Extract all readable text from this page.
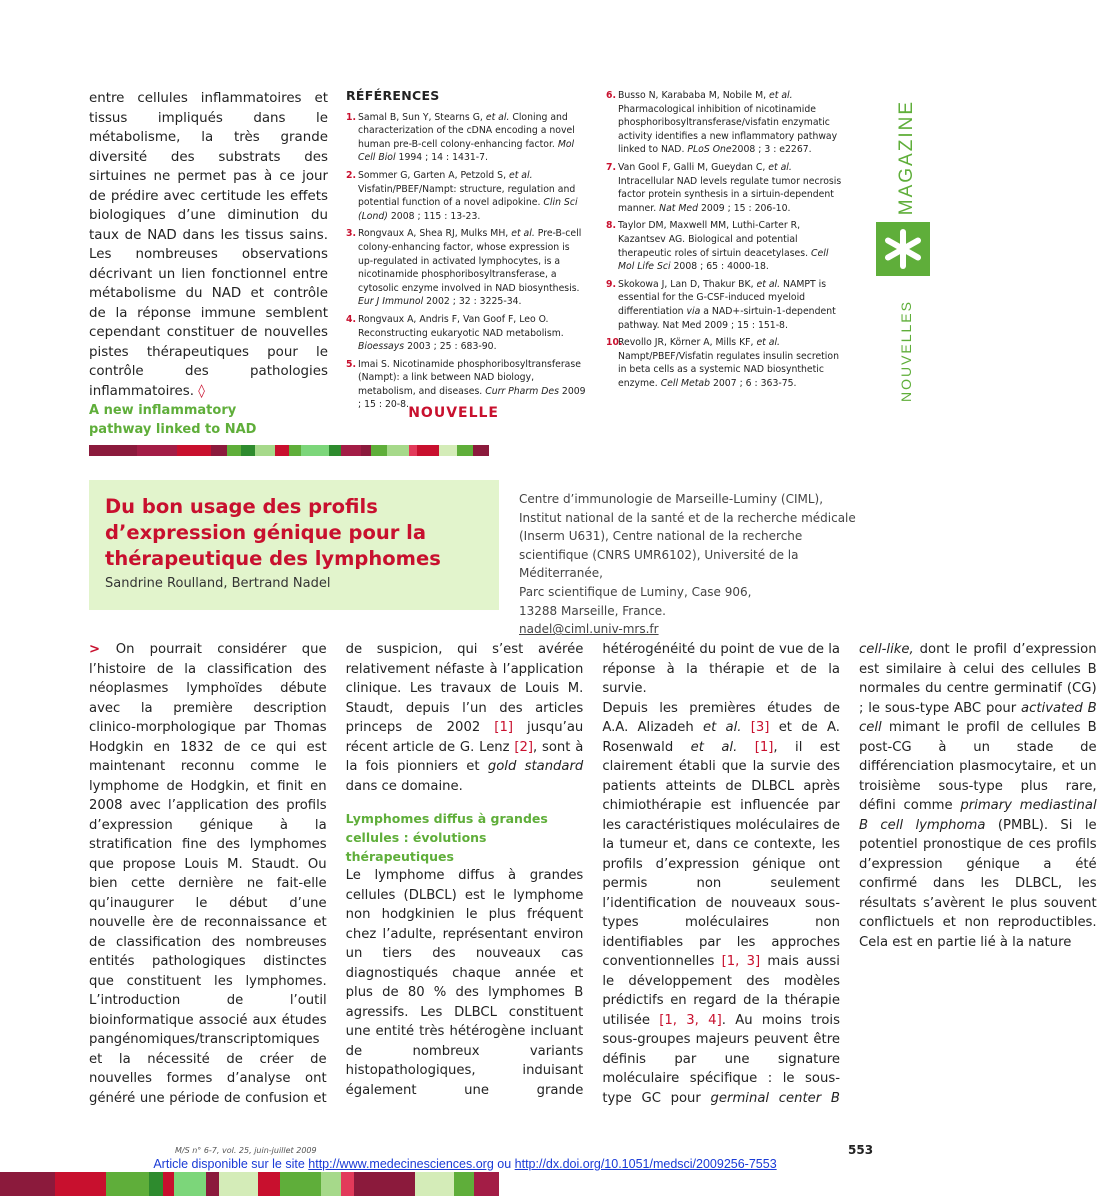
entre cellules inflammatoires et tissus impliqués dans le métabolisme, la très grande diversité des substrats des sirtuines ne permet pas à ce jour de prédire avec certitude les effets biologiques d’une diminution du taux de NAD dans les tissus sains. Les nombreuses observations décrivant un lien fonctionnel entre métabolisme du NAD et contrôle de la réponse immune semblent cependant constituer de nouvelles pistes thérapeutiques pour le contrôle des pathologies inflammatoires. ◊

A new inflammatory
pathway linked to NAD
RÉFÉRENCES
1. Samal B, Sun Y, Stearns G, et al. Cloning and characterization of the cDNA encoding a novel human pre-B-cell colony-enhancing factor. Mol Cell Biol 1994 ; 14 : 1431-7.
2. Sommer G, Garten A, Petzold S, et al. Visfatin/PBEF/Nampt: structure, regulation and potential function of a novel adipokine. Clin Sci (Lond) 2008 ; 115 : 13-23.
3. Rongvaux A, Shea RJ, Mulks MH, et al. Pre-B-cell colony-enhancing factor, whose expression is up-regulated in activated lymphocytes, is a nicotinamide phosphoribosyltransferase, a cytosolic enzyme involved in NAD biosynthesis. Eur J Immunol 2002 ; 32 : 3225-34.
4. Rongvaux A, Andris F, Van Goof F, Leo O. Reconstructing eukaryotic NAD metabolism. Bioessays 2003 ; 25 : 683-90.
5. Imai S. Nicotinamide phosphoribosyltransferase (Nampt): a link between NAD biology, metabolism, and diseases. Curr Pharm Des 2009 ; 15 : 20-8.
6. Busso N, Karababa M, Nobile M, et al. Pharmacological inhibition of nicotinamide phosphoribosyltransferase/visfatin enzymatic activity identifies a new inflammatory pathway linked to NAD. PLoS One2008 ; 3 : e2267.
7. Van Gool F, Galli M, Gueydan C, et al. Intracellular NAD levels regulate tumor necrosis factor protein synthesis in a sirtuin-dependent manner. Nat Med 2009 ; 15 : 206-10.
8. Taylor DM, Maxwell MM, Luthi-Carter R, Kazantsev AG. Biological and potential therapeutic roles of sirtuin deacetylases. Cell Mol Life Sci 2008 ; 65 : 4000-18.
9. Skokowa J, Lan D, Thakur BK, et al. NAMPT is essential for the G-CSF-induced myeloid differentiation via a NAD+-sirtuin-1-dependent pathway. Nat Med 2009 ; 15 : 151-8.
10.
Revollo JR, Körner A, Mills KF, et al. Nampt/PBEF/Visfatin regulates insulin secretion in beta cells as a systemic NAD biosynthetic enzyme. Cell Metab 2007 ; 6 : 363-75.
MAGAZINE
NOUVELLES
NOUVELLE
Du bon usage des profils d’expression génique pour la thérapeutique des lymphomes
Sandrine Roulland, Bertrand Nadel
Centre d’immunologie de Marseille-Luminy (CIML),
Institut national de la santé et de la recherche médicale
(Inserm U631), Centre national de la recherche
scientifique (CNRS UMR6102), Université de la Méditerranée,
Parc scientifique de Luminy, Case 906,
13288 Marseille, France.
nadel@ciml.univ-mrs.fr
M/S n° 6-7, vol. 25, juin-juillet 2009	553
Article disponible sur le site http://www.medecinesciences.org ou http://dx.doi.org/10.1051/medsci/2009256-7553

> On pourrait considérer que l’histoire de la classification des néoplasmes lymphoïdes débute avec la première description clinico-morphologique par Thomas Hodgkin en 1832 de ce qui est maintenant reconnu comme le lymphome de Hodgkin, et finit en 2008 avec l’application des profils d’expression génique à la stratification fine des lymphomes que propose Louis M. Staudt. Ou bien cette dernière ne fait-elle qu’inaugurer le début d’une nouvelle ère de reconnaissance et de classification des nombreuses entités pathologiques distinctes que constituent les lymphomes. L’introduction de l’outil bioinformatique associé aux études pangénomiques/transcriptomiques et la nécessité de créer de nouvelles formes d’analyse ont généré une période de confusion et de suspicion, qui s’est avérée relativement néfaste à l’application clinique. Les travaux de Louis M. Staudt, depuis l’un des articles princeps de 2002 [1] jusqu’au récent article de G. Lenz [2], sont à la fois pionniers et gold standard dans ce domaine.

Lymphomes diffus à grandes cellules : évolutions thérapeutiques

Le lymphome diffus à grandes cellules (DLBCL) est le lymphome non hodgkinien le plus fréquent chez l’adulte, représentant environ un tiers des nouveaux cas diagnostiqués chaque année et plus de 80 % des lymphomes B agressifs. Les DLBCL constituent une entité très hétérogène incluant de nombreux variants histopathologiques, induisant également une grande hétérogénéité du point de vue de la réponse à la thérapie et de la survie.

Depuis les premières études de A.A. Alizadeh et al. [3] et de A. Rosenwald et al. [1], il est clairement établi que la survie des patients atteints de DLBCL après chimiothérapie est influencée par les caractéristiques moléculaires de la tumeur et, dans ce contexte, les profils d’expression génique ont permis non seulement l’identification de nouveaux sous-types moléculaires non identifiables par les approches conventionnelles [1, 3] mais aussi le développement des modèles prédictifs en regard de la thérapie utilisée [1, 3, 4]. Au moins trois sous-groupes majeurs peuvent être définis par une signature moléculaire spécifique : le sous-type GC pour germinal center B cell-like, dont le profil d’expression est similaire à celui des cellules B normales du centre germinatif (CG) ; le sous-type ABC pour activated B cell mimant le profil de cellules B post-CG à un stade de différenciation plasmocytaire, et un troisième sous-type plus rare, défini comme primary mediastinal B cell lymphoma (PMBL). Si le potentiel pronostique de ces profils d’expression génique a été confirmé dans les DLBCL, les résultats s’avèrent le plus souvent conflictuels et non reproductibles. Cela est en partie lié à la nature
